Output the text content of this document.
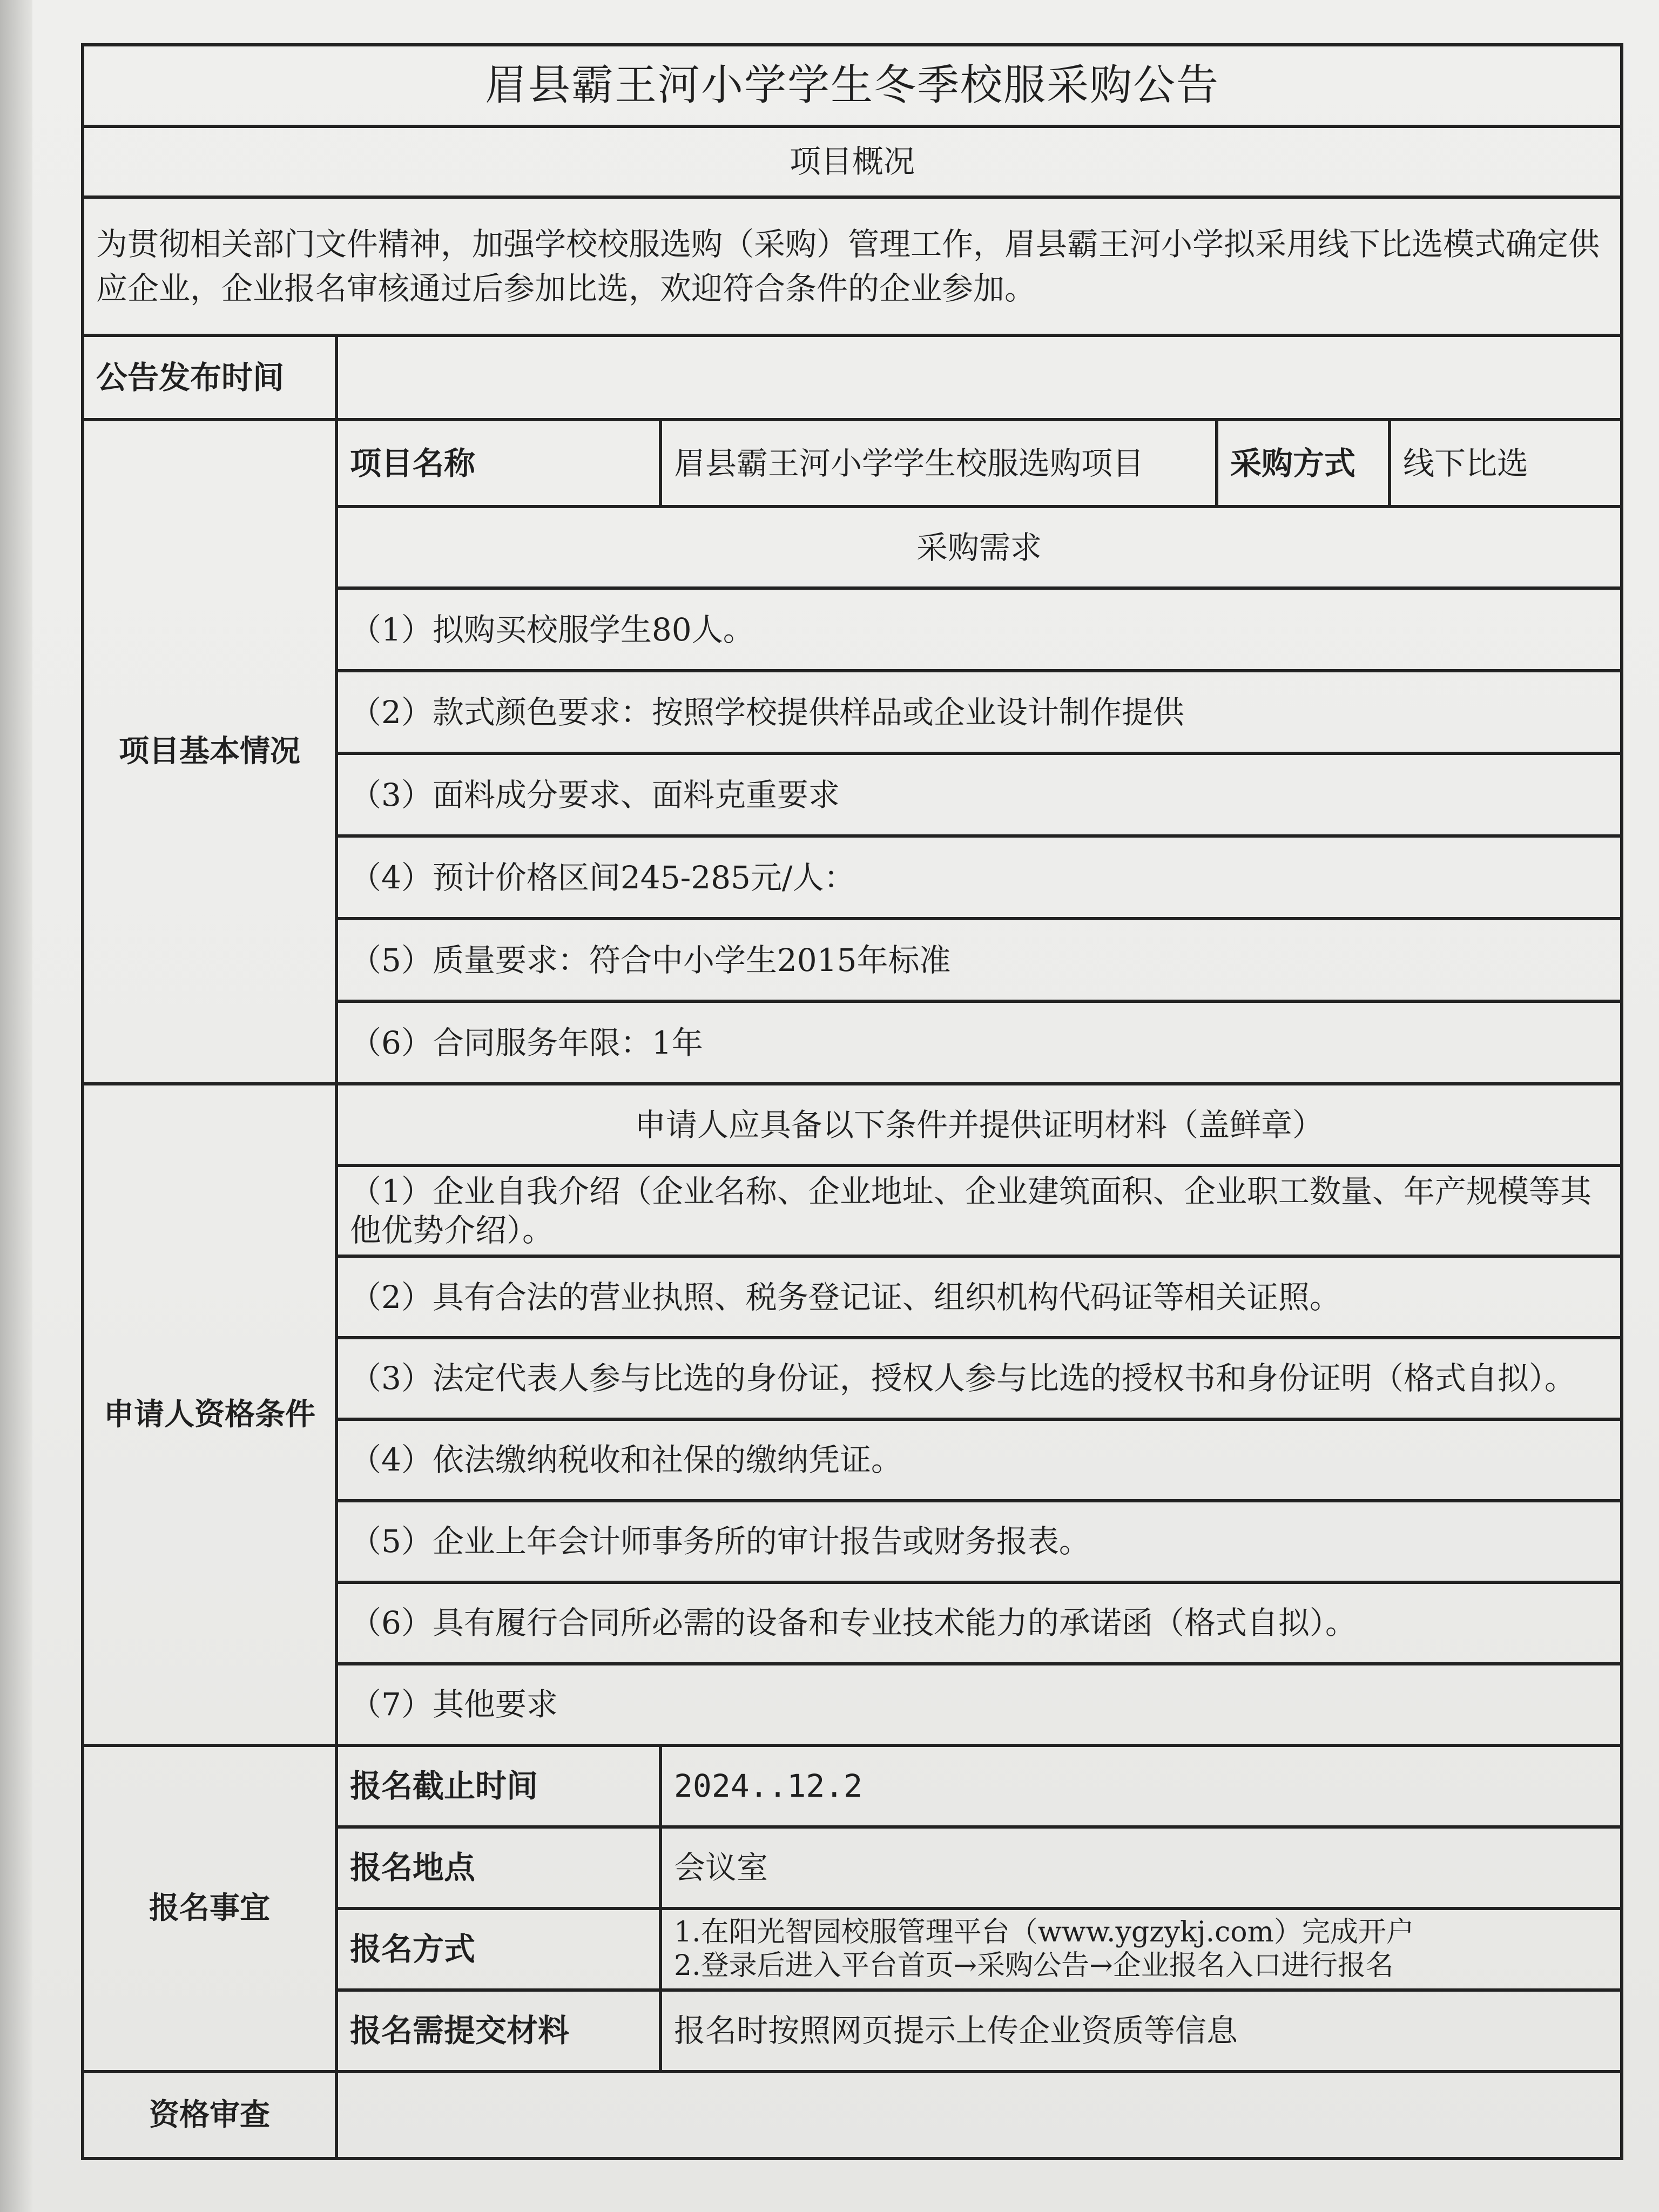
眉县霸王河小学学生冬季校服采购公告				
项目概况				
为贯彻相关部门文件精神，加强学校校服选购（采购）管理工作，眉县霸王河小学拟采用线下比选模式确定供应企业，企业报名审核通过后参加比选，欢迎符合条件的企业参加。				
公告发布时间				
项目基本情况	项目名称	眉县霸王河小学学生校服选购项目	采购方式	线下比选
	采购需求			
	（1）拟购买校服学生80人。			
	（2）款式颜色要求：按照学校提供样品或企业设计制作提供			
	（3）面料成分要求、面料克重要求			
	（4）预计价格区间245-285元/人：			
	（5）质量要求：符合中小学生2015年标准			
	（6）合同服务年限：1年			
申请人资格条件	申请人应具备以下条件并提供证明材料（盖鲜章）			
	（1）企业自我介绍（企业名称、企业地址、企业建筑面积、企业职工数量、年产规模等其他优势介绍）。			
	（2）具有合法的营业执照、税务登记证、组织机构代码证等相关证照。			
	（3）法定代表人参与比选的身份证，授权人参与比选的授权书和身份证明（格式自拟）。			
	（4）依法缴纳税收和社保的缴纳凭证。			
	（5）企业上年会计师事务所的审计报告或财务报表。			
	（6）具有履行合同所必需的设备和专业技术能力的承诺函（格式自拟）。			
	（7）其他要求			
报名事宜	报名截止时间	2024..12.2		
	报名地点	会议室		
	报名方式	1.在阳光智园校服管理平台（www.ygzykj.com）完成开户
2.登录后进入平台首页→采购公告→企业报名入口进行报名		

	报名需提交材料	报名时按照网页提示上传企业资质等信息		
资格审查				
